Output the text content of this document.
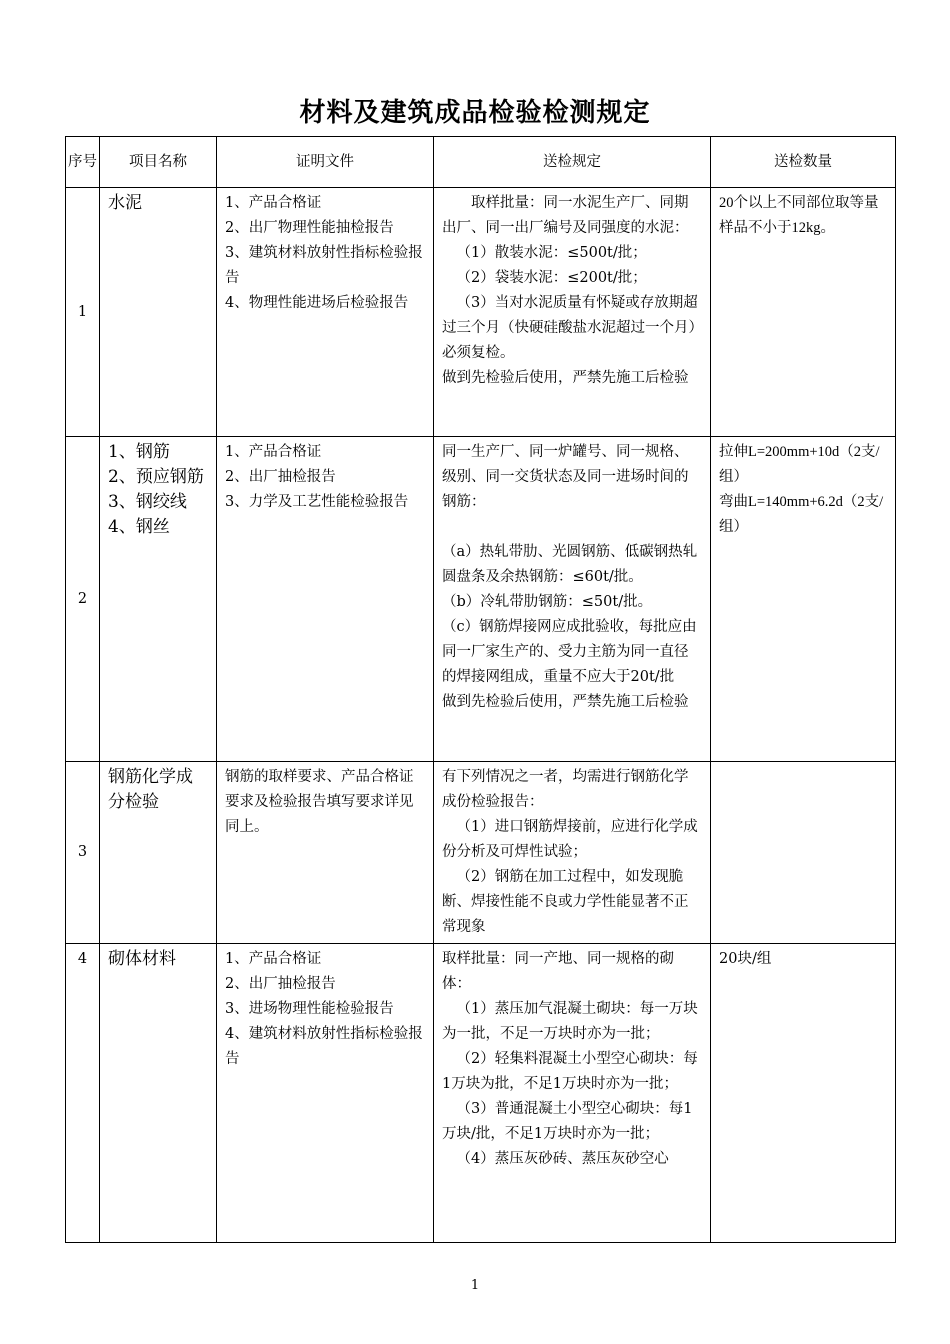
材料及建筑成品检验检测规定
序号	项目名称	证明文件	送检规定	送检数量
1	水泥	1、产品合格证
2、出厂物理性能抽检报告
3、建筑材料放射性指标检验报告
4、物理性能进场后检验报告	取样批量：同一水泥生产厂、同期出厂、同一出厂编号及同强度的水泥：
（1）散装水泥：≤500t/批；
（2）袋装水泥：≤200t/批；
（3）当对水泥质量有怀疑或存放期超过三个月（快硬硅酸盐水泥超过一个月）必须复检。
做到先检验后使用，严禁先施工后检验	20个以上不同部位取等量样品不小于12kg。

2	1、钢筋
2、预应钢筋
3、钢绞线
4、钢丝	1、产品合格证
2、出厂抽检报告
3、力学及工艺性能检验报告	同一生产厂、同一炉罐号、同一规格、级别、同一交货状态及同一进场时间的钢筋：
（a）热轧带肋、光圆钢筋、低碳钢热轧圆盘条及余热钢筋：≤60t/批。
（b）冷轧带肋钢筋：≤50t/批。
（c）钢筋焊接网应成批验收，每批应由同一厂家生产的、受力主筋为同一直径的焊接网组成，重量不应大于20t/批
做到先检验后使用，严禁先施工后检验	拉伸L=200mm+10d（2支/组）
弯曲L=140mm+6.2d（2支/组）

3	钢筋化学成分检验	钢筋的取样要求、产品合格证要求及检验报告填写要求详见同上。	有下列情况之一者，均需进行钢筋化学成份检验报告：
（1）进口钢筋焊接前，应进行化学成份分析及可焊性试验；
（2）钢筋在加工过程中，如发现脆断、焊接性能不良或力学性能显著不正常现象	

4	砌体材料	1、产品合格证
2、出厂抽检报告
3、进场物理性能检验报告
4、建筑材料放射性指标检验报告	取样批量：同一产地、同一规格的砌体：
（1）蒸压加气混凝土砌块：每一万块为一批，不足一万块时亦为一批；
（2）轻集料混凝土小型空心砌块：每1万块为批，不足1万块时亦为一批；
（3）普通混凝土小型空心砌块：每1万块/批，不足1万块时亦为一批；
（4）蒸压灰砂砖、蒸压灰砂空心	20块/组
1
